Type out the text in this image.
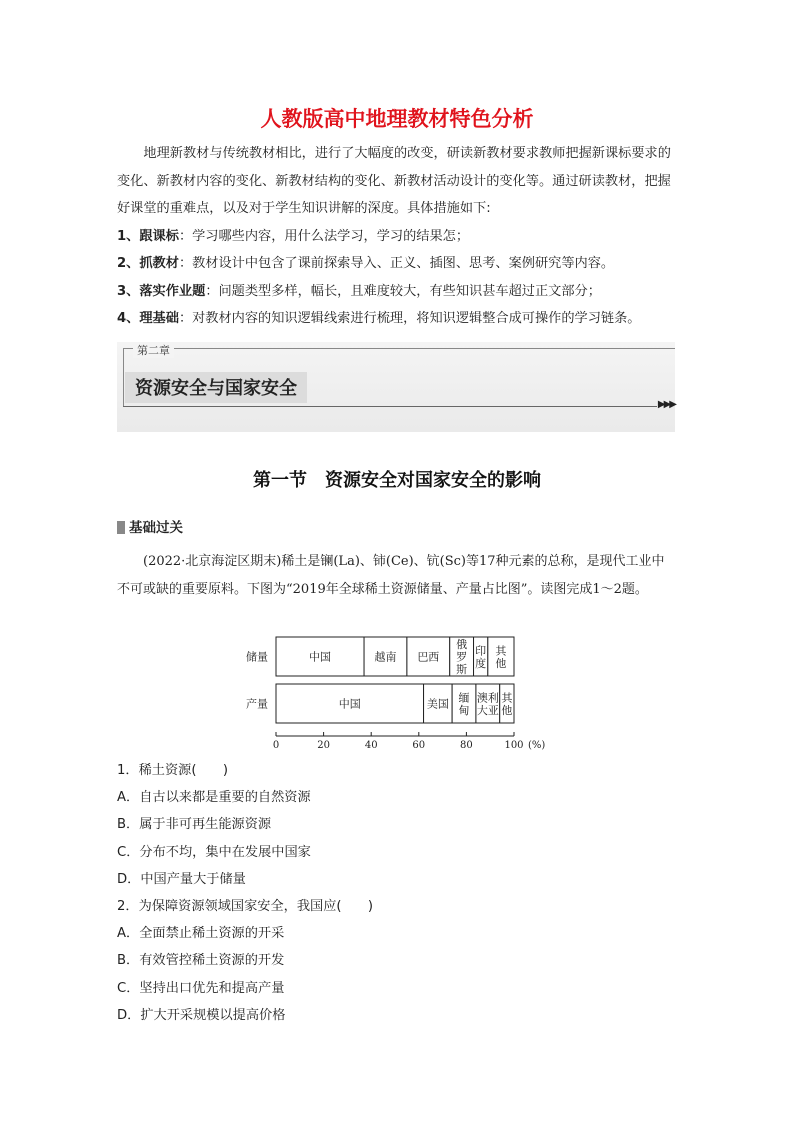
人教版高中地理教材特色分析

地理新教材与传统教材相比，进行了大幅度的改变，研读新教材要求教师把握新课标要求的变化、新教材内容的变化、新教材结构的变化、新教材活动设计的变化等。通过研读教材，把握好课堂的重难点，以及对于学生知识讲解的深度。具体措施如下:

1、跟课标：学习哪些内容，用什么法学习，学习的结果怎；

2、抓教材：教材设计中包含了课前探索导入、正义、插图、思考、案例研究等内容。

3、落实作业题：问题类型多样，幅长，且难度较大，有些知识甚车超过正文部分；

4、理基础：对教材内容的知识逻辑线索进行梳理，将知识逻辑整合成可操作的学习链条。

第二章
资源安全与国家安全
▶▶▶
第一节　资源安全对国家安全的影响
基础过关

(2022·北京海淀区期末)稀土是镧(La)、铈(Ce)、钪(Sc)等17种元素的总称，是现代工业中不可或缺的重要原料。下图为“2019年全球稀土资源储量、产量占比图”。读图完成1～2题。

储量	中国	越南 巴西
俄罗斯
印度
其他
产量	中国	美国 缅甸
澳大利亚
其他
0	20	40	60	80	100 (%)

1．稀土资源(　　)

A．自古以来都是重要的自然资源

B．属于非可再生能源资源

C．分布不均，集中在发展中国家

D．中国产量大于储量

2．为保障资源领域国家安全，我国应(　　)

A．全面禁止稀土资源的开采

B．有效管控稀土资源的开发

C．坚持出口优先和提高产量

D．扩大开采规模以提高价格
